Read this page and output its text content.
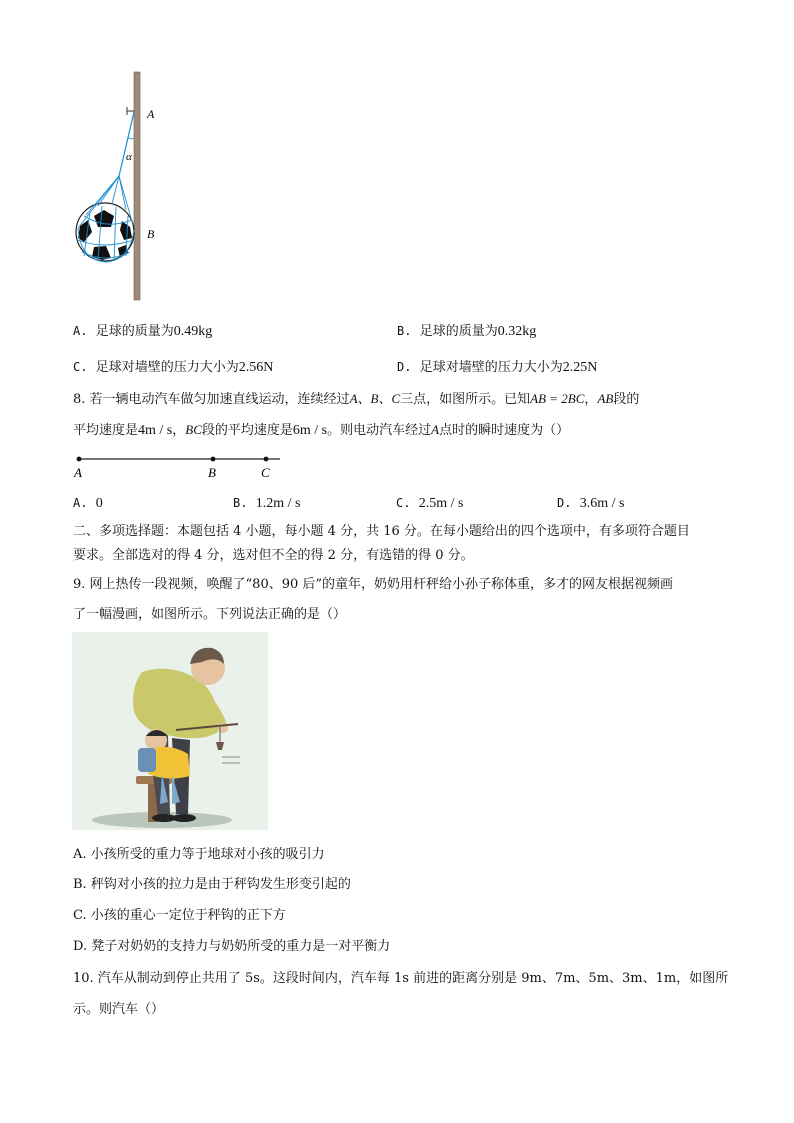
A
α
B
A. 足球的质量为0.49kg	B. 足球的质量为0.32kg
C. 足球对墙壁的压力大小为2.56N	D. 足球对墙壁的压力大小为2.25N
8. 若一辆电动汽车做匀加速直线运动，连续经过A、B、C三点，如图所示。已知AB = 2BC，AB段的
平均速度是4m / s，BC段的平均速度是6m / s。则电动汽车经过A点时的瞬时速度为（）
A	B	C
A. 0	B. 1.2m / s	C. 2.5m / s	D. 3.6m / s
二、多项选择题：本题包括 4 小题，每小题 4 分，共 16 分。在每小题给出的四个选项中，有多项符合题目
要求。全部选对的得 4 分，选对但不全的得 2 分，有选错的得 0 分。
9. 网上热传一段视频，唤醒了“80、90 后”的童年，奶奶用杆秤给小孙子称体重，多才的网友根据视频画
了一幅漫画，如图所示。下列说法正确的是（）
A. 小孩所受的重力等于地球对小孩的吸引力
B. 秤钩对小孩的拉力是由于秤钩发生形变引起的
C. 小孩的重心一定位于秤钩的正下方
D. 凳子对奶奶的支持力与奶奶所受的重力是一对平衡力
10. 汽车从制动到停止共用了 5s。这段时间内，汽车每 1s 前进的距离分别是 9m、7m、5m、3m、1m，如图所
示。则汽车（）
